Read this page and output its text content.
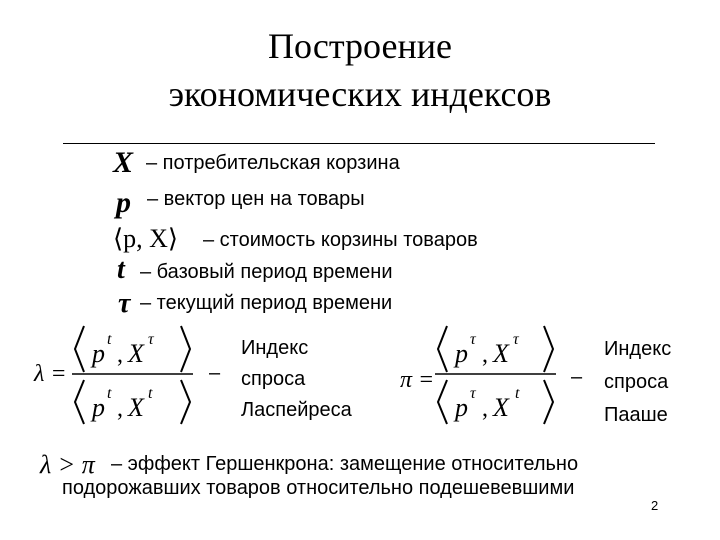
Построение
экономических индексов
X – потребительская корзина
p – вектор цен на товары
⟨p, X⟩ – стоимость корзины товаров
t – базовый период времени
τ – текущий период времени
λ =
p t
, X τ
p t
, X t
–
Индекс
спроса
Ласпейреса
π =
p τ
, X τ
p τ
, X t
–
Индекс
спроса
Пааше
λ > π – эффект Гершенкрона: замещение относительно
подорожавших товаров относительно подешевевшими
2
